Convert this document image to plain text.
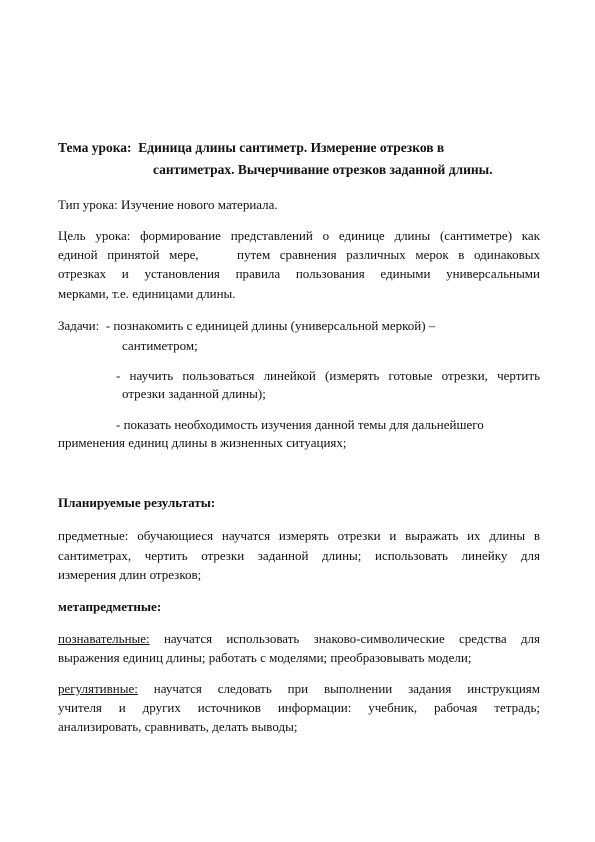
Тема урока: Единица длины сантиметр. Измерение отрезков в
сантиметрах. Вычерчивание отрезков заданной длины.
Тип урока: Изучение нового материала.
Цель урока: формирование представлений о единице длины (сантиметре) как
единой принятой мере,    путем сравнения различных мерок в одинаковых
отрезках и установления правила пользования едиными универсальными
мерками, т.е. единицами длины.
Задачи: - познакомить с единицей длины (универсальной меркой) –
сантиметром;
- научить пользоваться линейкой (измерять готовые отрезки, чертить
отрезки заданной длины);
- показать необходимость изучения данной темы для дальнейшего
применения единиц длины в жизненных ситуациях;
Планируемые результаты:
предметные: обучающиеся научатся измерять отрезки и выражать их длины в
сантиметрах, чертить отрезки заданной длины; использовать линейку для
измерения длин отрезков;
метапредметные:
познавательные: научатся использовать знаково-символические средства для
выражения единиц длины; работать с моделями; преобразовывать модели;
регулятивные: научатся следовать при выполнении задания инструкциям
учителя и других источников информации: учебник, рабочая тетрадь;
анализировать, сравнивать, делать выводы;
